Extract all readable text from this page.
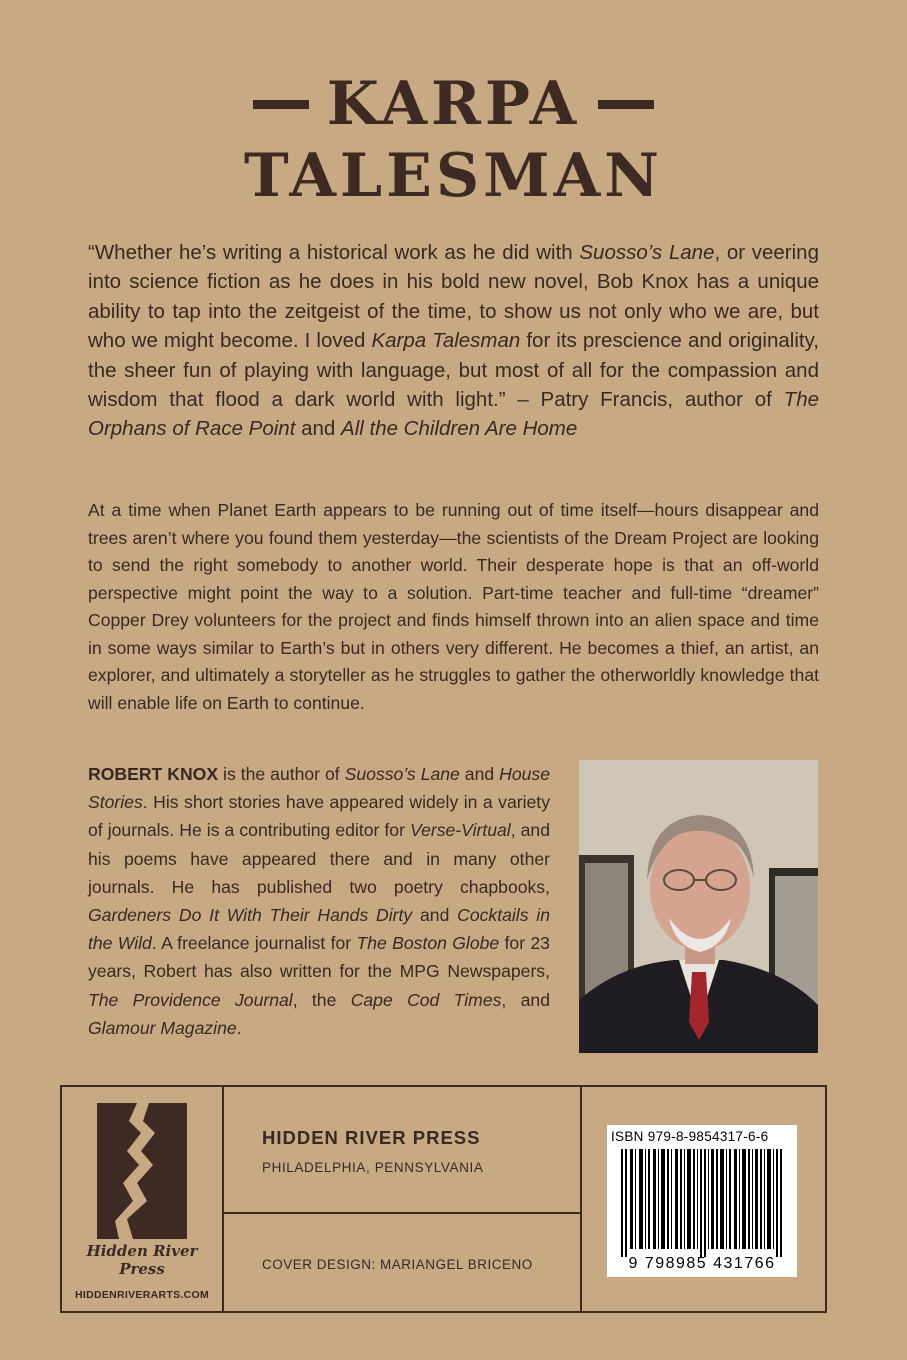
KARPA
TALESMAN

“Whether he’s writing a historical work as he did with Suosso’s Lane, or veering into science fiction as he does in his bold new novel, Bob Knox has a unique ability to tap into the zeitgeist of the time, to show us not only who we are, but who we might become. I loved Karpa Talesman for its prescience and originality, the sheer fun of playing with language, but most of all for the compassion and wisdom that flood a dark world with light.” – Patry Francis, author of The Orphans of Race Point and All the Children Are Home

At a time when Planet Earth appears to be running out of time itself—hours disappear and trees aren’t where you found them yesterday—the scientists of the Dream Project are looking to send the right somebody to another world. Their desperate hope is that an off-world perspective might point the way to a solution. Part-time teacher and full-time “dreamer” Copper Drey volunteers for the project and finds himself thrown into an alien space and time in some ways similar to Earth’s but in others very different. He becomes a thief, an artist, an explorer, and ultimately a storyteller as he struggles to gather the otherworldly knowledge that will enable life on Earth to continue.

ROBERT KNOX is the author of Suosso’s Lane and House Stories. His short stories have appeared widely in a variety of journals. He is a contributing editor for Verse-Virtual, and his poems have appeared there and in many other journals. He has published two poetry chapbooks, Gardeners Do It With Their Hands Dirty and Cocktails in the Wild. A freelance journalist for The Boston Globe for 23 years, Robert has also written for the MPG Newspapers, The Providence Journal, the Cape Cod Times, and Glamour Magazine.

Hidden River
Press
HIDDENRIVERARTS.COM
HIDDEN RIVER PRESS
PHILADELPHIA, PENNSYLVANIA
COVER DESIGN: MARIANGEL BRICENO
ISBN 979-8-9854317-6-6
9 798985 431766
